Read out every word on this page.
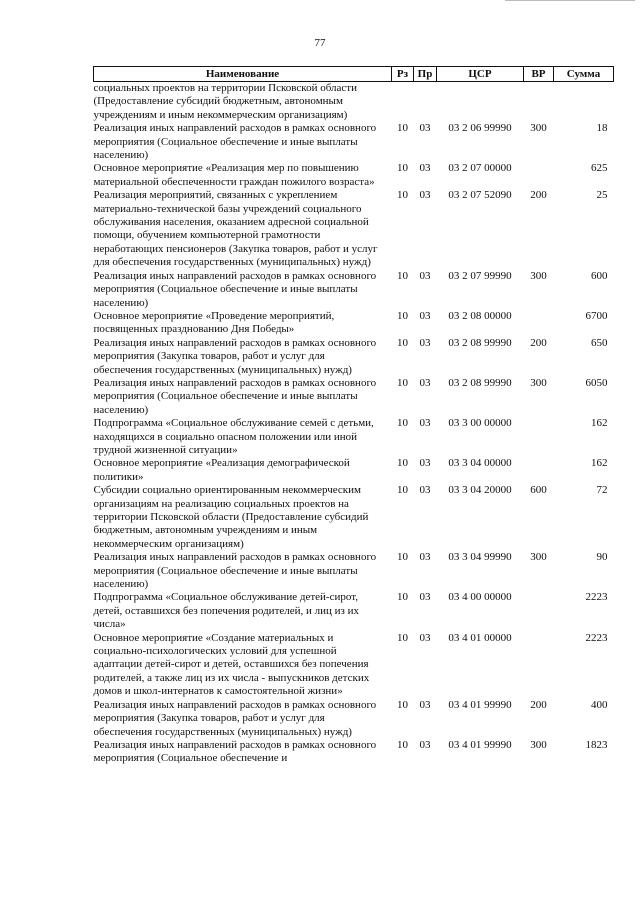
77
Наименование	Рз	Пр	ЦСР	ВР	Сумма
социальных проектов на территории Псковской области (Предоставление субсидий бюджетным, автономным учреждениям и иным некоммерческим организациям)					
Реализация иных направлений расходов в рамках основного мероприятия (Социальное обеспечение и иные выплаты населению)	10	03	03 2 06 99990	300	18
Основное мероприятие «Реализация мер по повышению материальной обеспеченности граждан пожилого возраста»	10	03	03 2 07 00000		625
Реализация мероприятий, связанных с укреплением материально-технической базы учреждений социального обслуживания населения, оказанием адресной социальной помощи, обучением компьютерной грамотности неработающих пенсионеров (Закупка товаров, работ и услуг для обеспечения государственных (муниципальных) нужд)	10	03	03 2 07 52090	200	25
Реализация иных направлений расходов в рамках основного мероприятия (Социальное обеспечение и иные выплаты населению)	10	03	03 2 07 99990	300	600
Основное мероприятие «Проведение мероприятий, посвященных празднованию Дня Победы»	10	03	03 2 08 00000		6700
Реализация иных направлений расходов в рамках основного мероприятия (Закупка товаров, работ и услуг для обеспечения государственных (муниципальных) нужд)	10	03	03 2 08 99990	200	650
Реализация иных направлений расходов в рамках основного мероприятия (Социальное обеспечение и иные выплаты населению)	10	03	03 2 08 99990	300	6050
Подпрограмма «Социальное обслуживание семей с детьми, находящихся в социально опасном положении или иной трудной жизненной ситуации»	10	03	03 3 00 00000		162
Основное мероприятие «Реализация демографической политики»	10	03	03 3 04 00000		162
Субсидии социально ориентированным некоммерческим организациям на реализацию социальных проектов на территории Псковской области (Предоставление субсидий бюджетным, автономным учреждениям и иным некоммерческим организациям)	10	03	03 3 04 20000	600	72
Реализация иных направлений расходов в рамках основного мероприятия (Социальное обеспечение и иные выплаты населению)	10	03	03 3 04 99990	300	90
Подпрограмма «Социальное обслуживание детей-сирот, детей, оставшихся без попечения родителей, и лиц из их числа»	10	03	03 4 00 00000		2223
Основное мероприятие «Создание материальных и социально-психологических условий для успешной адаптации детей-сирот и детей, оставшихся без попечения родителей, а также лиц из их числа - выпускников детских домов и школ-интернатов к самостоятельной жизни»	10	03	03 4 01 00000		2223
Реализация иных направлений расходов в рамках основного мероприятия (Закупка товаров, работ и услуг для обеспечения государственных (муниципальных) нужд)	10	03	03 4 01 99990	200	400
Реализация иных направлений расходов в рамках основного мероприятия (Социальное обеспечение и	10	03	03 4 01 99990	300	1823
